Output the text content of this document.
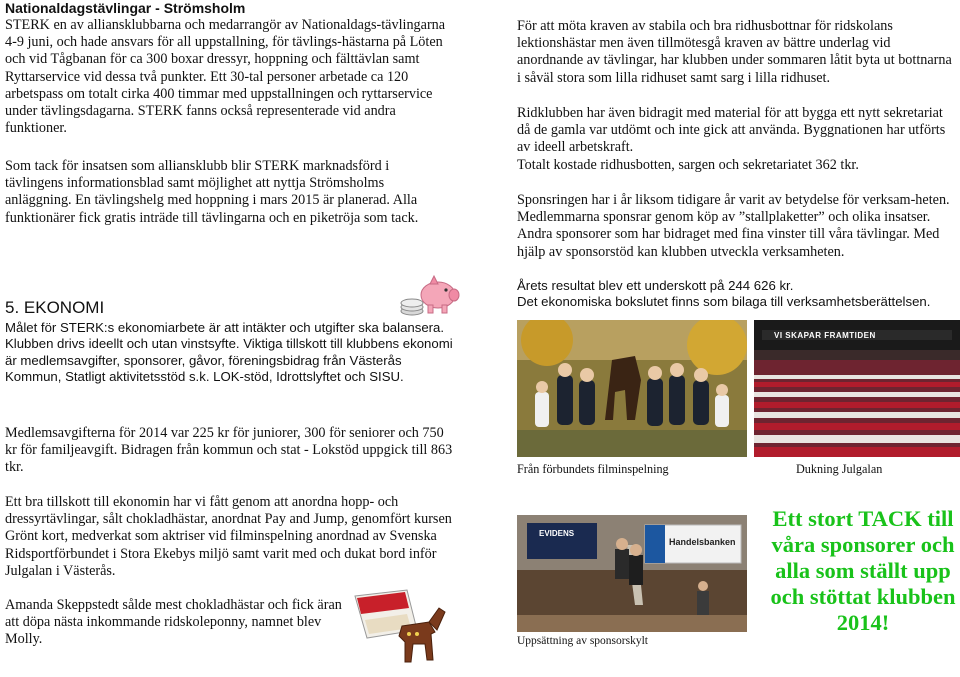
Nationaldagstävlingar - Strömsholm

STERK en av alliansklubbarna och medarrangör av Nationaldags-tävlingarna 4-9 juni, och hade ansvars för all uppstallning, för tävlings-hästarna på Löten och vid Tågbanan för ca 300 boxar dressyr, hoppning och fälttävlan samt Ryttarservice vid dessa två punkter. Ett 30-tal personer arbetade ca 120 arbetspass om totalt cirka 400 timmar med uppstallningen och ryttarservice under tävlingsdagarna. STERK fanns också representerade vid andra funktioner.

Som tack för insatsen som alliansklubb blir STERK marknadsförd i tävlingens informationsblad samt möjlighet att nyttja Strömsholms anläggning. En tävlingshelg med hoppning i mars 2015 är planerad. Alla funktionärer fick gratis inträde till tävlingarna och en piketröja som tack.

5. EKONOMI

Målet för STERK:s ekonomiarbete är att intäkter och utgifter ska balansera. Klubben drivs ideellt och utan vinstsyfte. Viktiga tillskott till klubbens ekonomi är medlemsavgifter, sponsorer, gåvor, föreningsbidrag från Västerås Kommun, Statligt aktivitetsstöd s.k. LOK-stöd, Idrottslyftet och SISU.

Medlemsavgifterna för 2014 var 225 kr för juniorer, 300 för seniorer och 750 kr för familjeavgift. Bidragen från kommun och stat - Lokstöd uppgick till 863 tkr.

Ett bra tillskott till ekonomin har vi fått genom att anordna hopp- och dressyrtävlingar, sålt chokladhästar, anordnat Pay and Jump, genomfört kursen Grönt kort, medverkat som aktriser vid filminspelning anordnad av Svenska Ridsportförbundet i Stora Ekebys miljö samt varit med och dukat bord inför Julgalan i Västerås.

Amanda Skeppstedt sålde mest chokladhästar och fick äran att döpa nästa inkommande ridskoleponny, namnet blev Molly.

För att möta kraven av stabila och bra ridhusbottnar för ridskolans lektionshästar men även tillmötesgå kraven av bättre underlag vid anordnande av tävlingar, har klubben under sommaren låtit byta ut bottnarna i såväl stora som lilla ridhuset samt sarg i lilla ridhuset.

Ridklubben har även bidragit med material för att bygga ett nytt sekretariat då de gamla var utdömt och inte gick att använda. Byggnationen har utförts av ideell arbetskraft.

Totalt kostade ridhusbotten, sargen och sekretariatet 362 tkr.

Sponsringen har i år liksom tidigare år varit av betydelse för verksam-heten. Medlemmarna sponsrar genom köp av ”stallplaketter” och olika insatser. Andra sponsorer som har bidraget med fina vinster till våra tävlingar. Med hjälp av sponsorstöd kan klubben utveckla verksamheten.

Årets resultat blev ett underskott på 244 626 kr.

Det ekonomiska bokslutet finns som bilaga till verksamhetsberättelsen.

Från förbundets filminspelning
VI SKAPAR FRAMTIDEN
Dukning Julgalan
EVIDENS
Handelsbanken
Uppsättning av sponsorskylt
Ett stort TACK till våra sponsorer och alla som ställt upp och stöttat klubben 2014!
